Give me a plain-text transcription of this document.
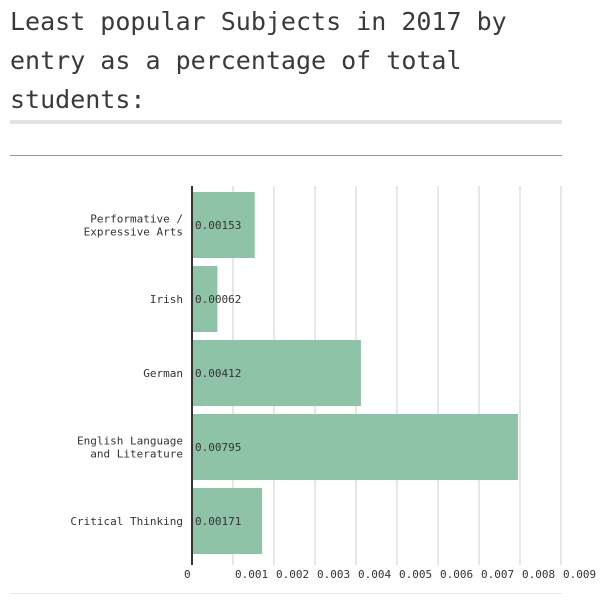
Least popular Subjects in 2017 by entry as a percentage of total students:
0.00153
Performative /
Expressive Arts
0.00062
Irish
0.00412
German
0.00795
English Language
and Literature
0.00171
Critical Thinking
0	0.001 0.002 0.003 0.004 0.005 0.006 0.007 0.008 0.009
